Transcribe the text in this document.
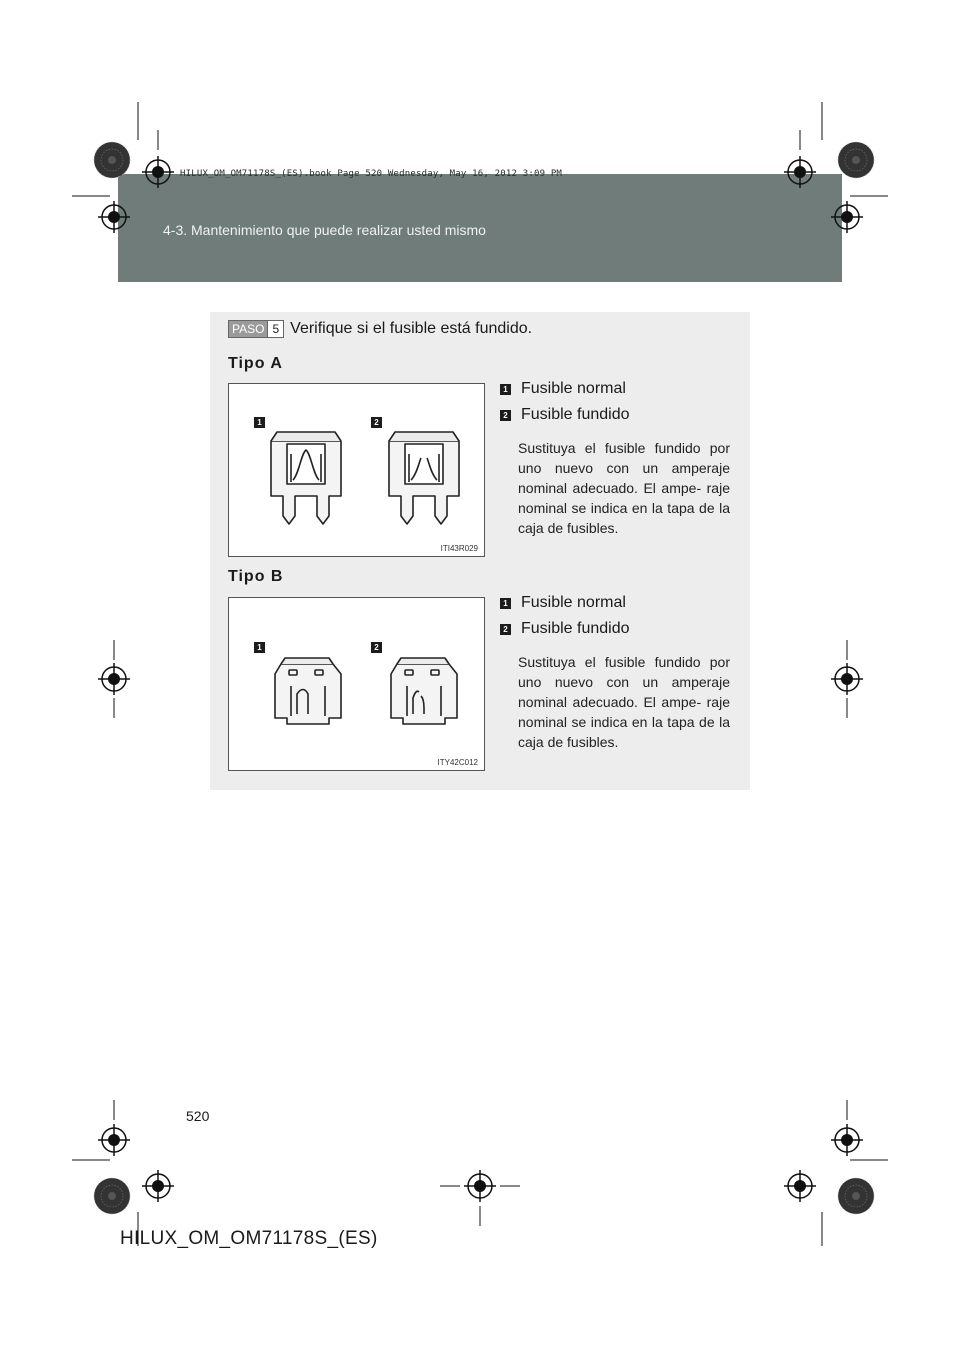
HILUX_OM_OM71178S_(ES).book Page 520 Wednesday, May 16, 2012 3:09 PM
4-3. Mantenimiento que puede realizar usted mismo
PASO 5 Verifique si el fusible está fundido.
Tipo A
1	2
ITI43R029
1 Fusible normal
2 Fusible fundido
Sustituya el fusible fundido por uno nuevo con un amperaje nominal adecuado. El ampe- raje nominal se indica en la tapa de la caja de fusibles.
Tipo B
1	2
ITY42C012
1 Fusible normal
2 Fusible fundido
Sustituya el fusible fundido por uno nuevo con un amperaje nominal adecuado. El ampe- raje nominal se indica en la tapa de la caja de fusibles.
520
HILUX_OM_OM71178S_(ES)
